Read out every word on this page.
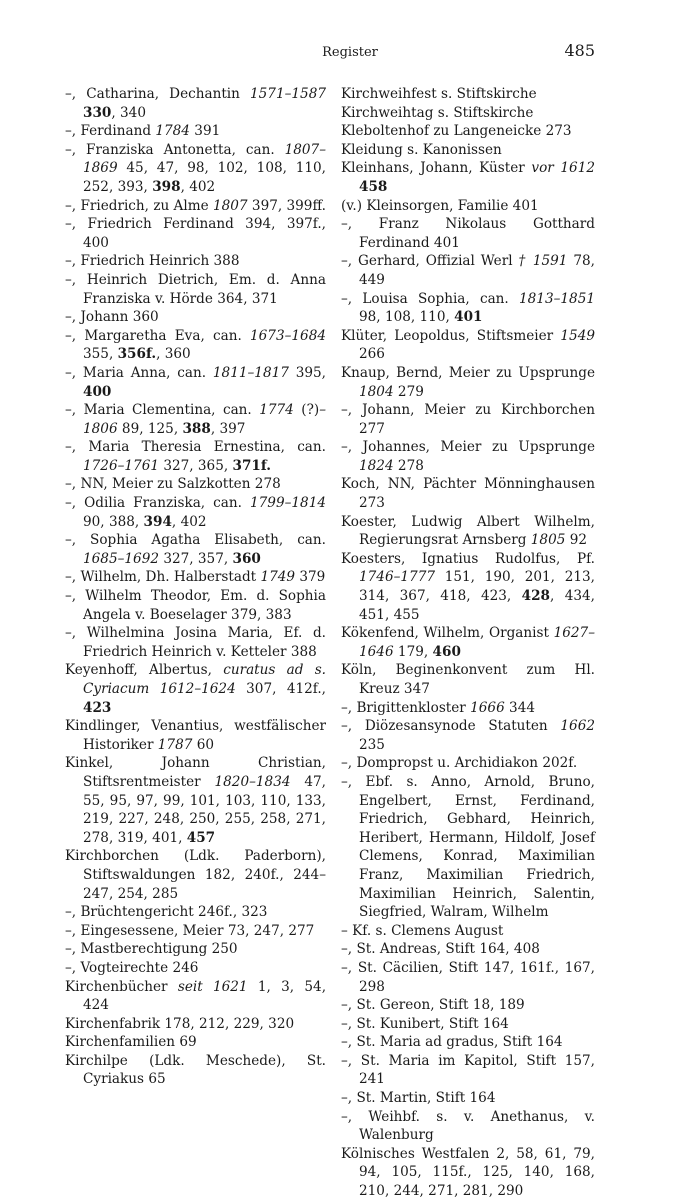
Register	485
–, Catharina, Dechantin 1571–1587 330, 340
–, Ferdinand 1784 391
–, Franziska Antonetta, can. 1807–1869 45, 47, 98, 102, 108, 110, 252, 393, 398, 402
–, Friedrich, zu Alme 1807 397, 399ff.
–, Friedrich Ferdinand 394, 397f., 400
–, Friedrich Heinrich 388
–, Heinrich Dietrich, Em. d. Anna Franziska v. Hörde 364, 371
–, Johann 360
–, Margaretha Eva, can. 1673–1684 355, 356f., 360
–, Maria Anna, can. 1811–1817 395, 400
–, Maria Clementina, can. 1774 (?)–1806 89, 125, 388, 397
–, Maria Theresia Ernestina, can. 1726–1761 327, 365, 371f.
–, NN, Meier zu Salzkotten 278
–, Odilia Franziska, can. 1799–1814 90, 388, 394, 402
–, Sophia Agatha Elisabeth, can. 1685–1692 327, 357, 360
–, Wilhelm, Dh. Halberstadt 1749 379
–, Wilhelm Theodor, Em. d. Sophia Angela v. Boeselager 379, 383
–, Wilhelmina Josina Maria, Ef. d. Friedrich Heinrich v. Ketteler 388
Keyenhoff, Albertus, curatus ad s. Cyriacum 1612–1624 307, 412f., 423
Kindlinger, Venantius, westfälischer Historiker 1787 60
Kinkel, Johann Christian, Stiftsrentmeister 1820–1834 47, 55, 95, 97, 99, 101, 103, 110, 133, 219, 227, 248, 250, 255, 258, 271, 278, 319, 401, 457
Kirchborchen (Ldk. Paderborn), Stiftswaldungen 182, 240f., 244–247, 254, 285
–, Brüchtengericht 246f., 323
–, Eingesessene, Meier 73, 247, 277
–, Mastberechtigung 250
–, Vogteirechte 246
Kirchenbücher seit 1621 1, 3, 54, 424
Kirchenfabrik 178, 212, 229, 320
Kirchenfamilien 69
Kirchilpe (Ldk. Meschede), St. Cyriakus 65
Kirchweihfest s. Stiftskirche
Kirchweihtag s. Stiftskirche
Kleboltenhof zu Langeneicke 273
Kleidung s. Kanonissen
Kleinhans, Johann, Küster vor 1612 458
(v.) Kleinsorgen, Familie 401
–, Franz Nikolaus Gotthard Ferdinand 401
–, Gerhard, Offizial Werl † 1591 78, 449
–, Louisa Sophia, can. 1813–1851 98, 108, 110, 401
Klüter, Leopoldus, Stiftsmeier 1549 266
Knaup, Bernd, Meier zu Upsprunge 1804 279
–, Johann, Meier zu Kirchborchen 277
–, Johannes, Meier zu Upsprunge 1824 278
Koch, NN, Pächter Mönninghausen 273
Koester, Ludwig Albert Wilhelm, Regierungsrat Arnsberg 1805 92
Koesters, Ignatius Rudolfus, Pf. 1746–1777 151, 190, 201, 213, 314, 367, 418, 423, 428, 434, 451, 455
Kökenfend, Wilhelm, Organist 1627–1646 179, 460
Köln, Beginenkonvent zum Hl. Kreuz 347
–, Brigittenkloster 1666 344
–, Diözesansynode Statuten 1662 235
–, Dompropst u. Archidiakon 202f.
–, Ebf. s. Anno, Arnold, Bruno, Engelbert, Ernst, Ferdinand, Friedrich, Gebhard, Heinrich, Heribert, Hermann, Hildolf, Josef Clemens, Konrad, Maximilian Franz, Maximilian Friedrich, Maximilian Heinrich, Salentin, Siegfried, Walram, Wilhelm
– Kf. s. Clemens August
–, St. Andreas, Stift 164, 408
–, St. Cäcilien, Stift 147, 161f., 167, 298
–, St. Gereon, Stift 18, 189
–, St. Kunibert, Stift 164
–, St. Maria ad gradus, Stift 164
–, St. Maria im Kapitol, Stift 157, 241
–, St. Martin, Stift 164
–, Weihbf. s. v. Anethanus, v. Walenburg
Kölnisches Westfalen 2, 58, 61, 79, 94, 105, 115f., 125, 140, 168, 210, 244, 271, 281, 290
